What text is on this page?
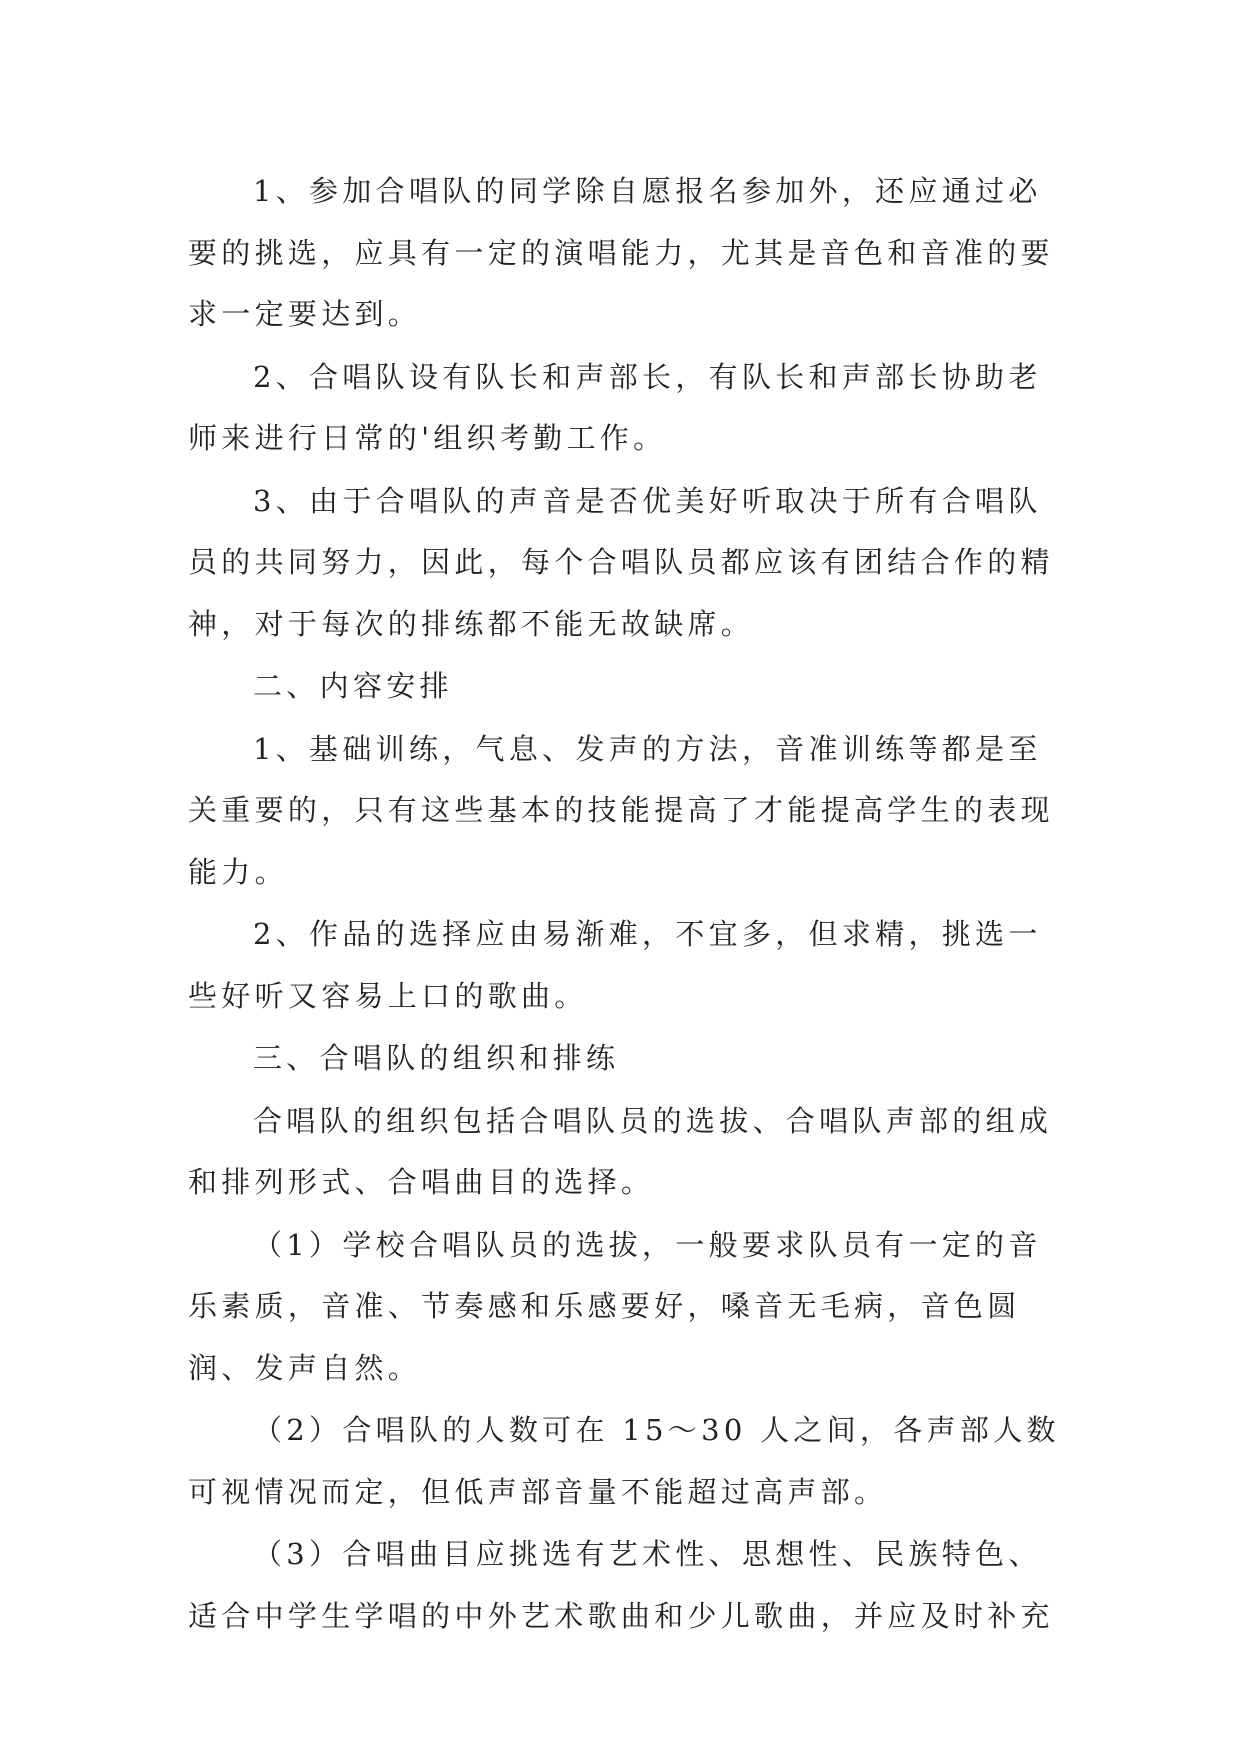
1、参加合唱队的同学除自愿报名参加外，还应通过必要的挑选，应具有一定的演唱能力，尤其是音色和音准的要求一定要达到。

2、合唱队设有队长和声部长，有队长和声部长协助老师来进行日常的'组织考勤工作。

3、由于合唱队的声音是否优美好听取决于所有合唱队员的共同努力，因此，每个合唱队员都应该有团结合作的精神，对于每次的排练都不能无故缺席。

二、内容安排

1、基础训练，气息、发声的方法，音准训练等都是至关重要的，只有这些基本的技能提高了才能提高学生的表现能力。

2、作品的选择应由易渐难，不宜多，但求精，挑选一些好听又容易上口的歌曲。

三、合唱队的组织和排练

合唱队的组织包括合唱队员的选拔、合唱队声部的组成和排列形式、合唱曲目的选择。

（1）学校合唱队员的选拔，一般要求队员有一定的音乐素质，音准、节奏感和乐感要好，嗓音无毛病，音色圆润、发声自然。

（2）合唱队的人数可在 15～30 人之间，各声部人数可视情况而定，但低声部音量不能超过高声部。

（3）合唱曲目应挑选有艺术性、思想性、民族特色、适合中学生学唱的中外艺术歌曲和少儿歌曲，并应及时补充
